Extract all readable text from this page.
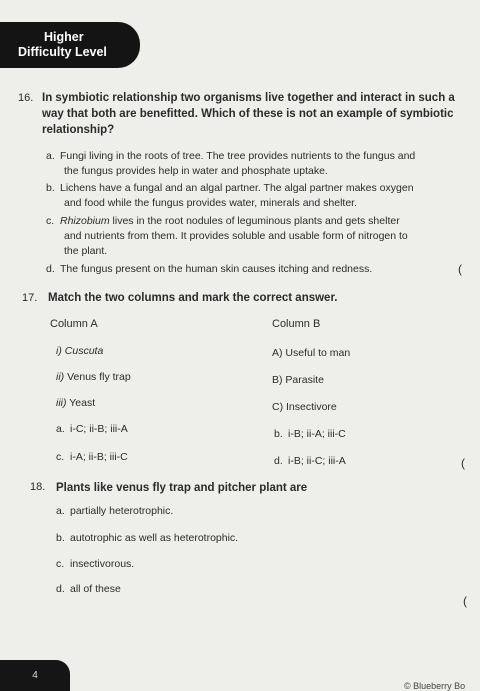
Higher
Difficulty Level
16. In symbiotic relationship two organisms live together and interact in such a
way that both are benefitted. Which of these is not an example of symbiotic
relationship?
a. Fungi living in the roots of tree. The tree provides nutrients to the fungus and
the fungus provides help in water and phosphate uptake.
b. Lichens have a fungal and an algal partner. The algal partner makes oxygen
and food while the fungus provides water, minerals and shelter.
c. Rhizobium lives in the root nodules of leguminous plants and gets shelter
and nutrients from them. It provides soluble and usable form of nitrogen to
the plant.
d. The fungus present on the human skin causes itching and redness.	(
17. Match the two columns and mark the correct answer.
Column A	Column B
i) Cuscuta	A) Useful to man
ii) Venus fly trap	B) Parasite
iii) Yeast	C) Insectivore
a. i-C; ii-B; iii-A	b. i-B; ii-A; iii-C
c. i-A; ii-B; iii-C	d. i-B; ii-C; iii-A	(
18. Plants like venus fly trap and pitcher plant are
a. partially heterotrophic.
b. autotrophic as well as heterotrophic.
c. insectivorous.
d. all of these
(
4
© Blueberry Bo
